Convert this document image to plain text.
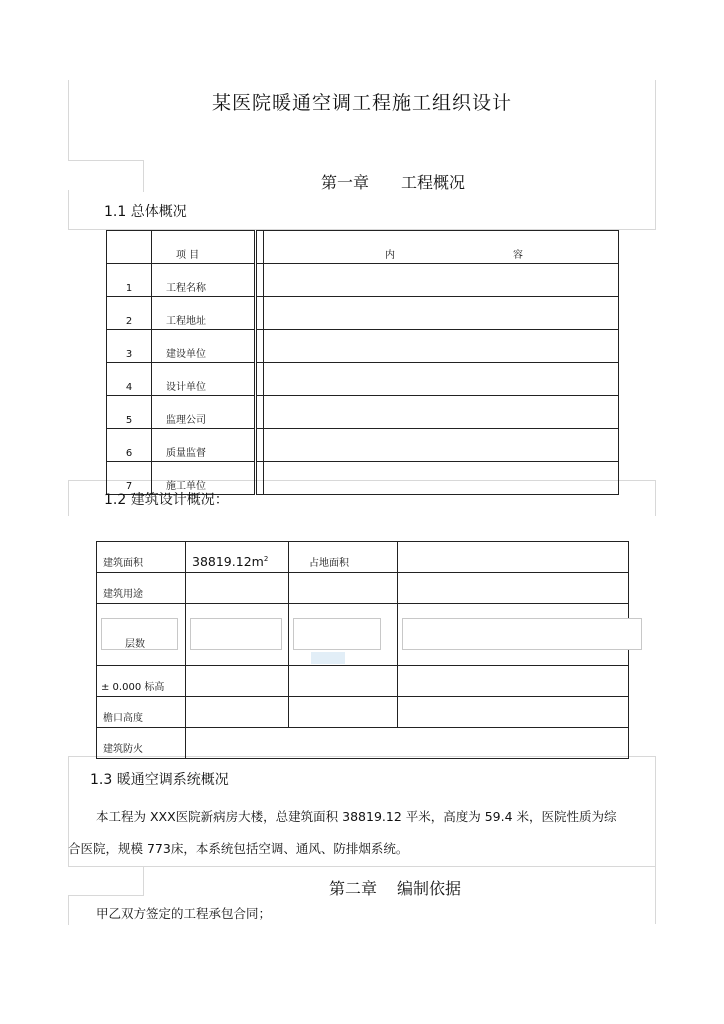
某医院暖通空调工程施工组织设计
第一章 工程概况
1.1 总体概况
	项 目		内 容

1	工程名称		
2	工程地址		
3	建设单位		
4	设计单位		
5	监理公司		
6	质量监督		
7	施工单位		
1.2 建筑设计概况：
建筑面积	$38819.12m^2$	占地面积	
建筑用途			

层数			

± 0.000 标高			
檐口高度			
建筑防火			
1.3 暖通空调系统概况
本工程为 XXX医院新病房大楼，总建筑面积 38819.12 平米，高度为 59.4 米，医院性质为综
合医院，规模 773床，本系统包括空调、通风、防排烟系统。
第二章 编制依据
甲乙双方签定的工程承包合同；
